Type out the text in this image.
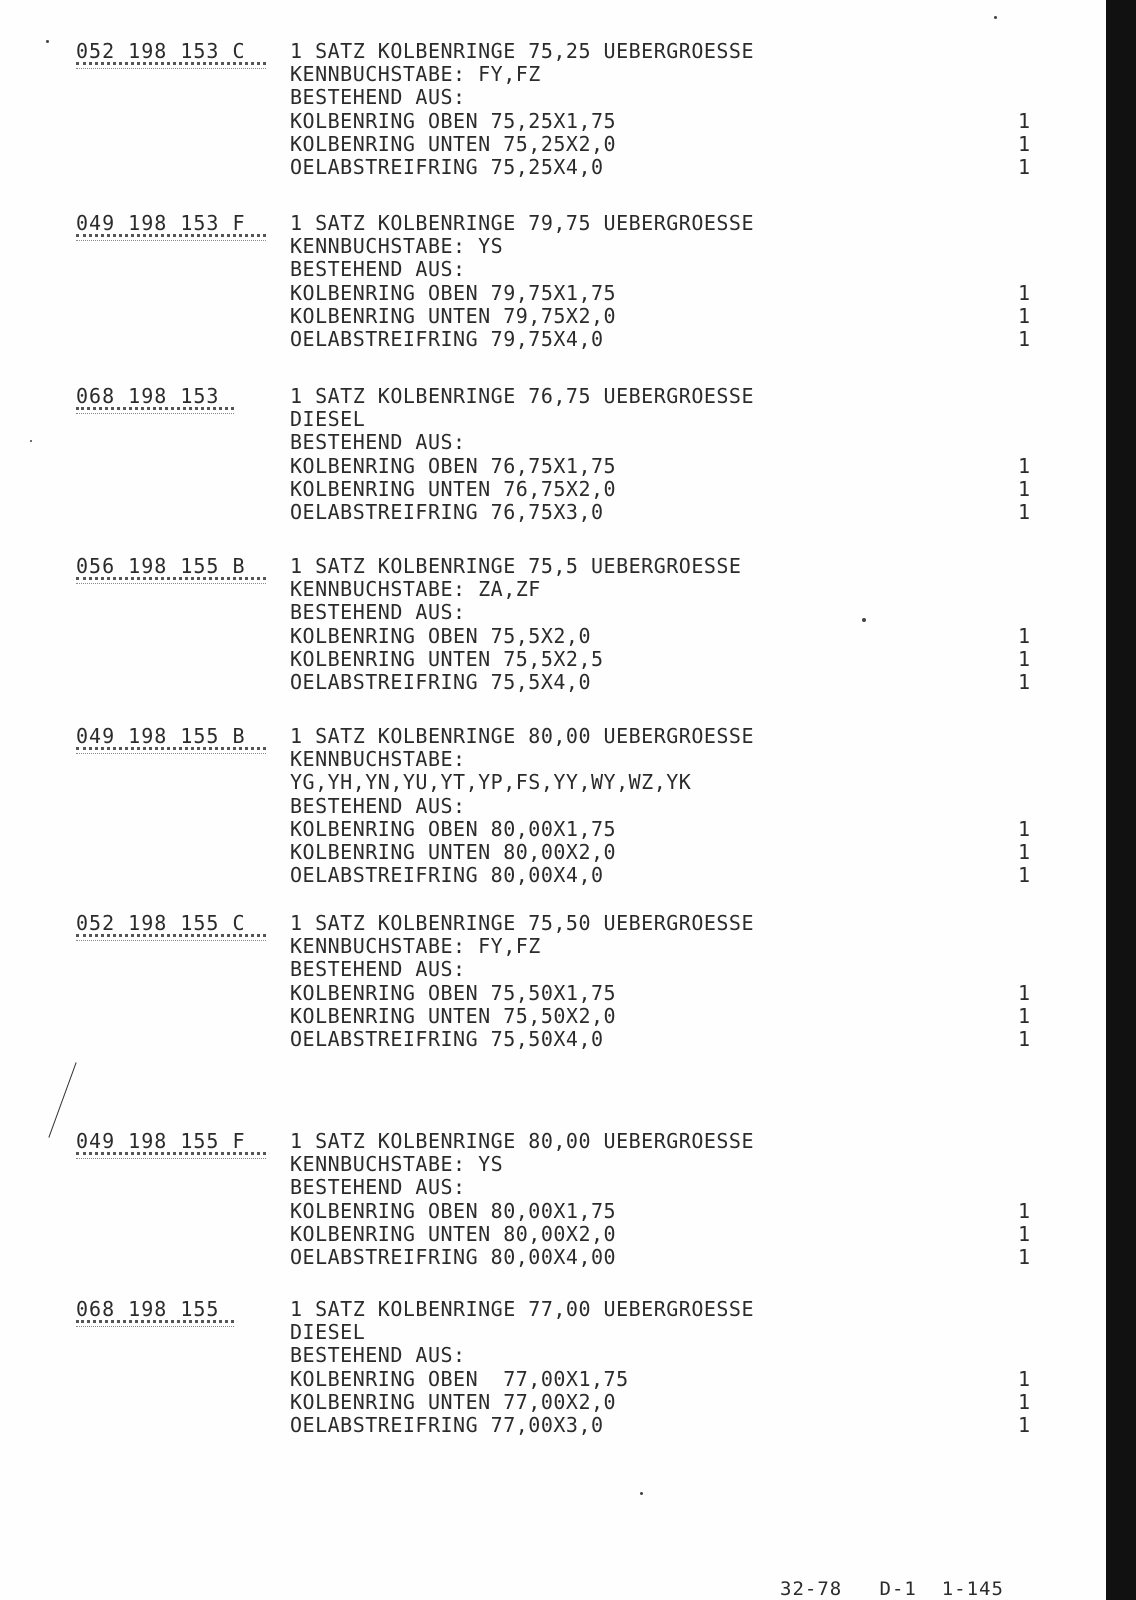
052 198 153 C 1 SATZ KOLBENRINGE 75,25 UEBERGROESSE
KENNBUCHSTABE: FY,FZ
BESTEHEND AUS:
KOLBENRING OBEN 75,25X1,75
KOLBENRING UNTEN 75,25X2,0
OELABSTREIFRING 75,25X4,0
1
1
1
049 198 153 F 1 SATZ KOLBENRINGE 79,75 UEBERGROESSE
KENNBUCHSTABE: YS
BESTEHEND AUS:
KOLBENRING OBEN 79,75X1,75
KOLBENRING UNTEN 79,75X2,0
OELABSTREIFRING 79,75X4,0
1
1
1
068 198 153	1 SATZ KOLBENRINGE 76,75 UEBERGROESSE
DIESEL
BESTEHEND AUS:
KOLBENRING OBEN 76,75X1,75
KOLBENRING UNTEN 76,75X2,0
OELABSTREIFRING 76,75X3,0
1
1
1
056 198 155 B 1 SATZ KOLBENRINGE 75,5 UEBERGROESSE
KENNBUCHSTABE: ZA,ZF
BESTEHEND AUS:
KOLBENRING OBEN 75,5X2,0
KOLBENRING UNTEN 75,5X2,5
OELABSTREIFRING 75,5X4,0
1
1
1
049 198 155 B 1 SATZ KOLBENRINGE 80,00 UEBERGROESSE
KENNBUCHSTABE:
YG,YH,YN,YU,YT,YP,FS,YY,WY,WZ,YK
BESTEHEND AUS:
KOLBENRING OBEN 80,00X1,75
KOLBENRING UNTEN 80,00X2,0
OELABSTREIFRING 80,00X4,0
1
1
1
052 198 155 C 1 SATZ KOLBENRINGE 75,50 UEBERGROESSE
KENNBUCHSTABE: FY,FZ
BESTEHEND AUS:
KOLBENRING OBEN 75,50X1,75
KOLBENRING UNTEN 75,50X2,0
OELABSTREIFRING 75,50X4,0
1
1
1
049 198 155 F 1 SATZ KOLBENRINGE 80,00 UEBERGROESSE
KENNBUCHSTABE: YS
BESTEHEND AUS:
KOLBENRING OBEN 80,00X1,75
KOLBENRING UNTEN 80,00X2,0
OELABSTREIFRING 80,00X4,00
1
1
1
068 198 155	1 SATZ KOLBENRINGE 77,00 UEBERGROESSE
DIESEL
BESTEHEND AUS:
KOLBENRING OBEN  77,00X1,75
KOLBENRING UNTEN 77,00X2,0
OELABSTREIFRING 77,00X3,0
1
1
1
32-78   D-1  1-145
